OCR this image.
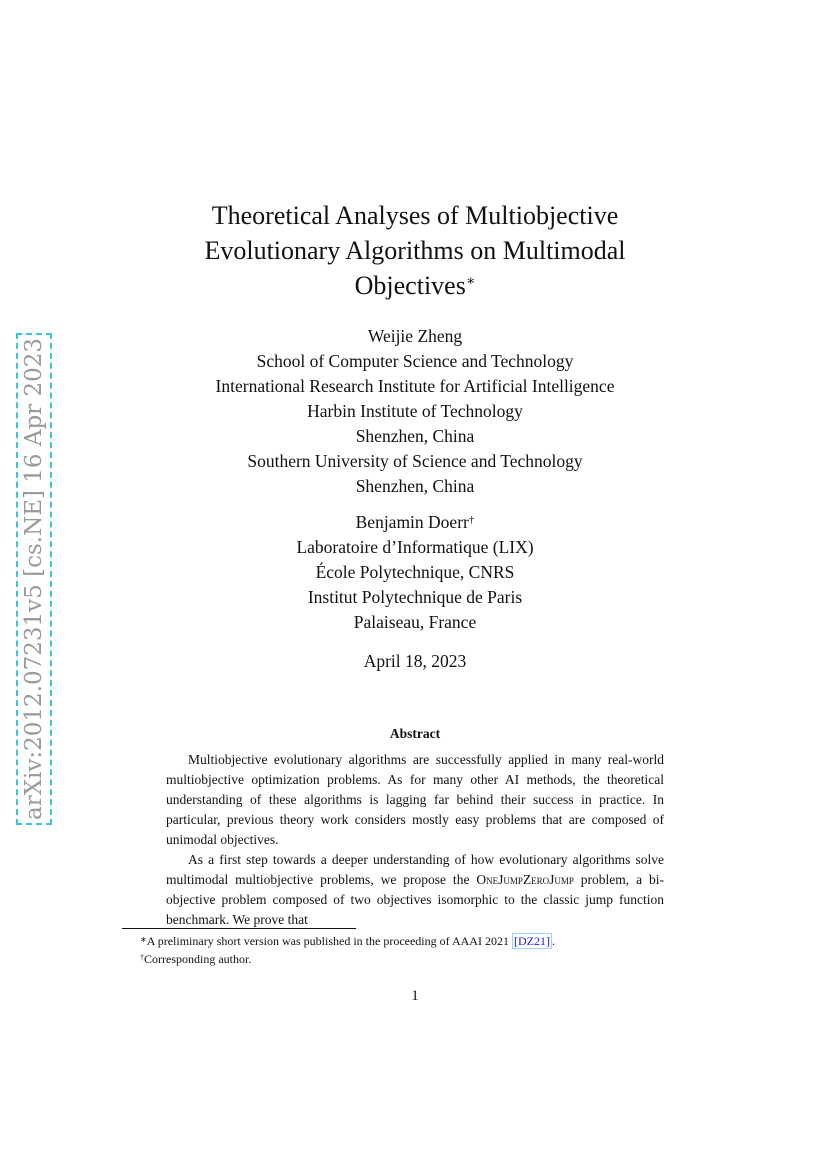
arXiv:2012.07231v5 [cs.NE] 16 Apr 2023
Theoretical Analyses of Multiobjective
Evolutionary Algorithms on Multimodal
Objectives∗
Weijie Zheng
School of Computer Science and Technology
International Research Institute for Artificial Intelligence
Harbin Institute of Technology
Shenzhen, China
Southern University of Science and Technology
Shenzhen, China
Benjamin Doerr†
Laboratoire d’Informatique (LIX)
École Polytechnique, CNRS
Institut Polytechnique de Paris
Palaiseau, France
April 18, 2023
Abstract

Multiobjective evolutionary algorithms are successfully applied in many real-world multiobjective optimization problems. As for many other AI methods, the theoretical understanding of these algorithms is lagging far behind their success in practice. In particular, previous theory work considers mostly easy problems that are composed of unimodal objectives.

As a first step towards a deeper understanding of how evolutionary algorithms solve multimodal multiobjective problems, we propose the OneJumpZeroJump problem, a bi-objective problem composed of two objectives isomorphic to the classic jump function benchmark. We prove that

∗A preliminary short version was published in the proceeding of AAAI 2021 [DZ21] .
†Corresponding author.
1
